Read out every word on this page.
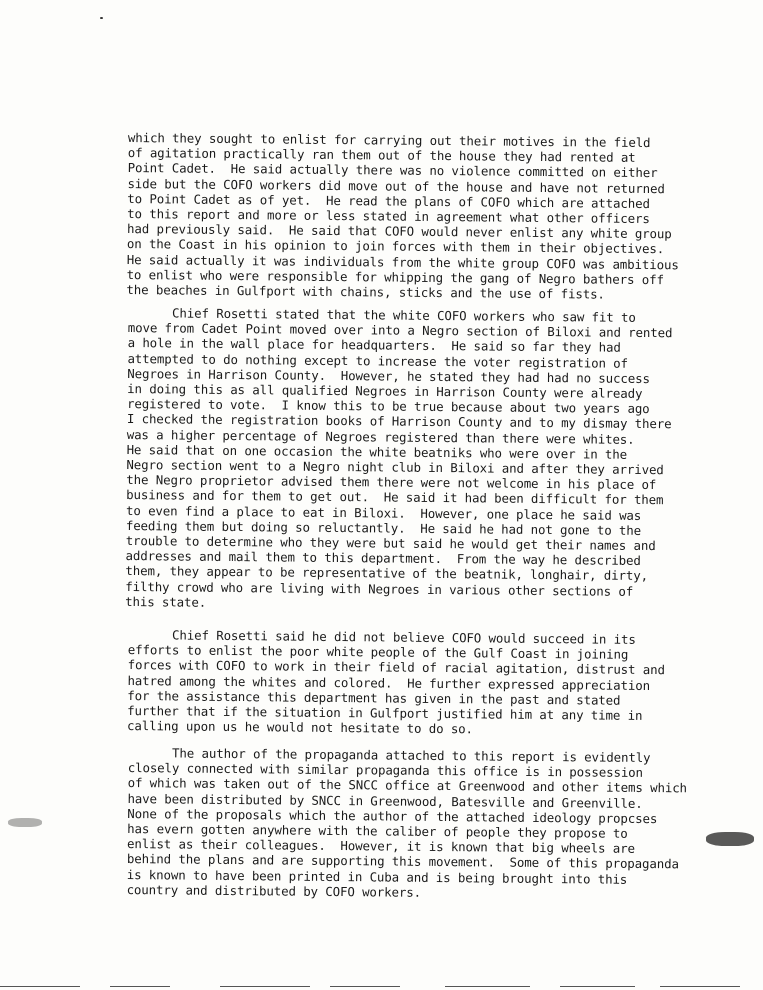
which they sought to enlist for carrying out their motives in the field
of agitation practically ran them out of the house they had rented at
Point Cadet.  He said actually there was no violence committed on either
side but the COFO workers did move out of the house and have not returned
to Point Cadet as of yet.  He read the plans of COFO which are attached
to this report and more or less stated in agreement what other officers
had previously said.  He said that COFO would never enlist any white group
on the Coast in his opinion to join forces with them in their objectives.
He said actually it was individuals from the white group COFO was ambitious
to enlist who were responsible for whipping the gang of Negro bathers off
the beaches in Gulfport with chains, sticks and the use of fists.

Chief Rosetti stated that the white COFO workers who saw fit to
move from Cadet Point moved over into a Negro section of Biloxi and rented
a hole in the wall place for headquarters.  He said so far they had
attempted to do nothing except to increase the voter registration of
Negroes in Harrison County.  However, he stated they had had no success
in doing this as all qualified Negroes in Harrison County were already
registered to vote.  I know this to be true because about two years ago
I checked the registration books of Harrison County and to my dismay there
was a higher percentage of Negroes registered than there were whites.
He said that on one occasion the white beatniks who were over in the
Negro section went to a Negro night club in Biloxi and after they arrived
the Negro proprietor advised them there were not welcome in his place of
business and for them to get out.  He said it had been difficult for them
to even find a place to eat in Biloxi.  However, one place he said was
feeding them but doing so reluctantly.  He said he had not gone to the
trouble to determine who they were but said he would get their names and
addresses and mail them to this department.  From the way he described
them, they appear to be representative of the beatnik, longhair, dirty,
filthy crowd who are living with Negroes in various other sections of
this state.

Chief Rosetti said he did not believe COFO would succeed in its
efforts to enlist the poor white people of the Gulf Coast in joining
forces with COFO to work in their field of racial agitation, distrust and
hatred among the whites and colored.  He further expressed appreciation
for the assistance this department has given in the past and stated
further that if the situation in Gulfport justified him at any time in
calling upon us he would not hesitate to do so.

The author of the propaganda attached to this report is evidently
closely connected with similar propaganda this office is in possession
of which was taken out of the SNCC office at Greenwood and other items which
have been distributed by SNCC in Greenwood, Batesville and Greenville.
None of the proposals which the author of the attached ideology propcses
has evern gotten anywhere with the caliber of people they propose to
enlist as their colleagues.  However, it is known that big wheels are
behind the plans and are supporting this movement.  Some of this propaganda
is known to have been printed in Cuba and is being brought into this
country and distributed by COFO workers.
